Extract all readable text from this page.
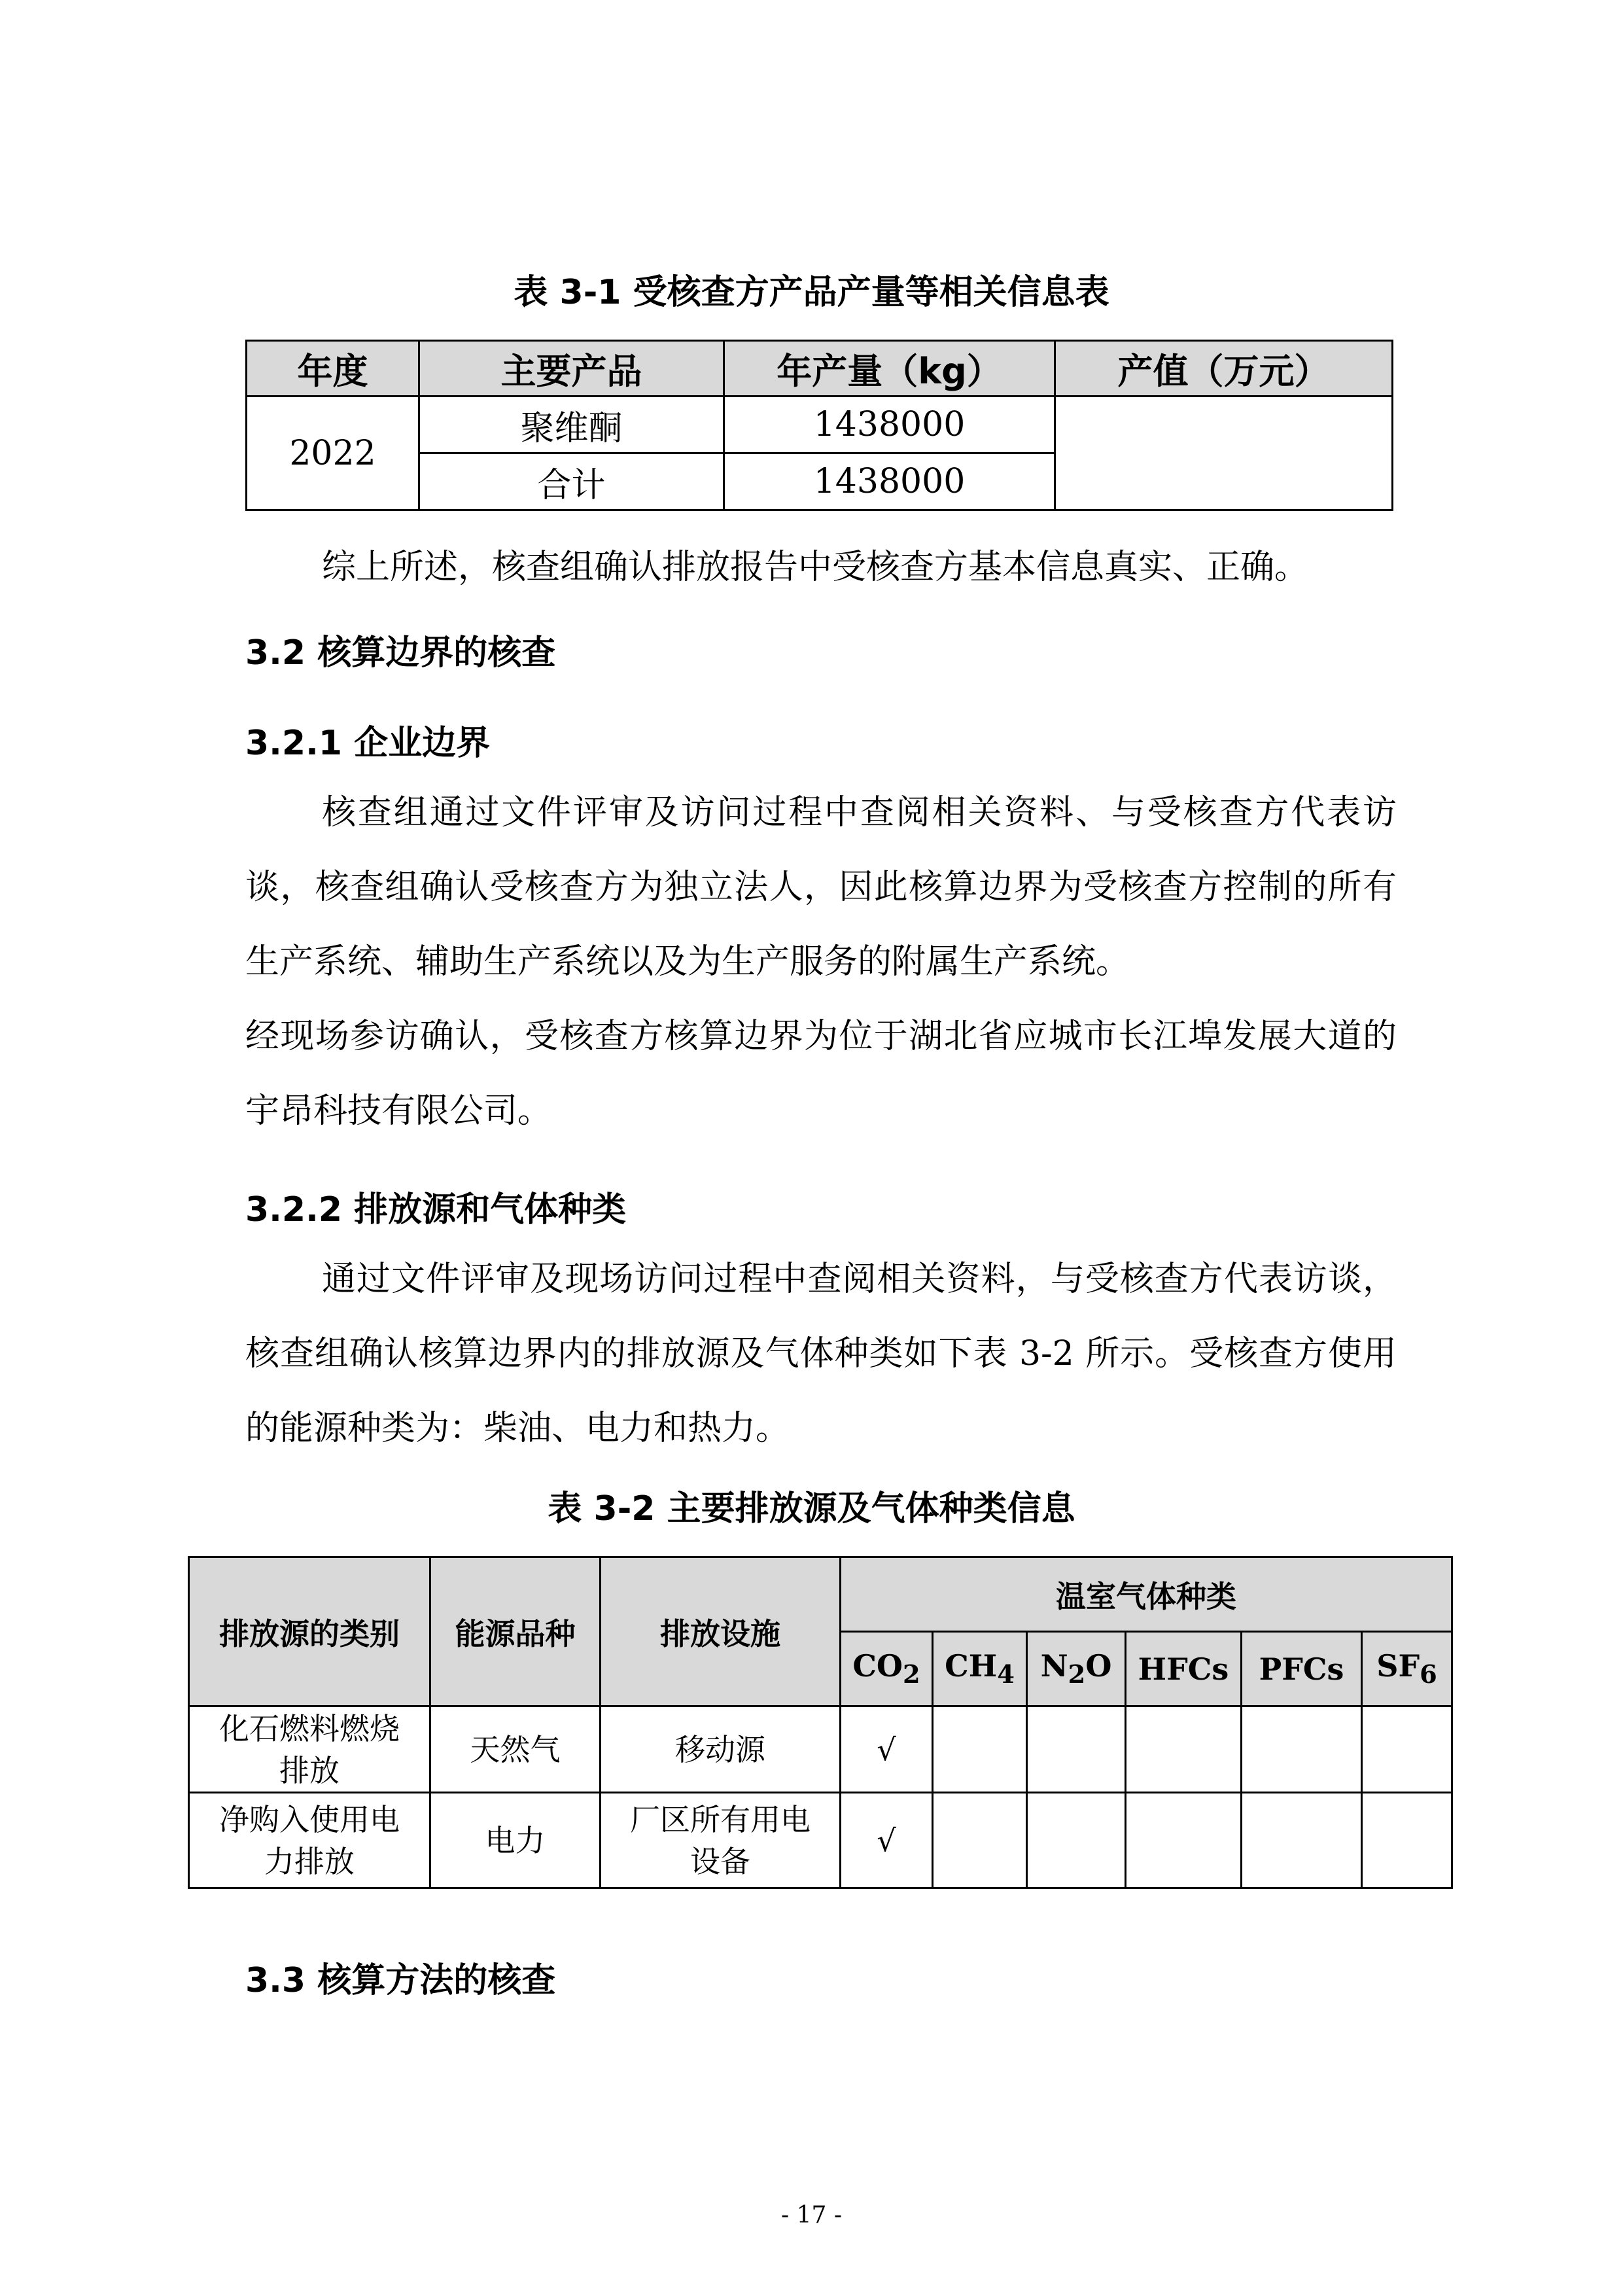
表 3-1 受核查方产品产量等相关信息表
年度	主要产品	年产量（kg）	产值（万元）
2022	聚维酮	1438000	
	合计	1438000	

综上所述，核查组确认排放报告中受核查方基本信息真实、正确。

3.2 核算边界的核查
3.2.1 企业边界

核查组通过文件评审及访问过程中查阅相关资料、与受核查方代表访谈，核查组确认受核查方为独立法人，因此核算边界为受核查方控制的所有生产系统、辅助生产系统以及为生产服务的附属生产系统。

经现场参访确认，受核查方核算边界为位于湖北省应城市长江埠发展大道的宇昂科技有限公司。

3.2.2 排放源和气体种类

通过文件评审及现场访问过程中查阅相关资料，与受核查方代表访谈，核查组确认核算边界内的排放源及气体种类如下表 3-2 所示。受核查方使用的能源种类为：柴油、电力和热力。

表 3-2 主要排放源及气体种类信息
排放源的类别	能源品种	排放设施	温室气体种类					
			$CO_2$	$CH_4$	$N_2O$	HFCs	PFCs	$SF_6$
化石燃料燃烧排放	天然气	移动源	√					
净购入使用电力排放	电力	厂区所有用电设备	√					
3.3 核算方法的核查
- 17 -
